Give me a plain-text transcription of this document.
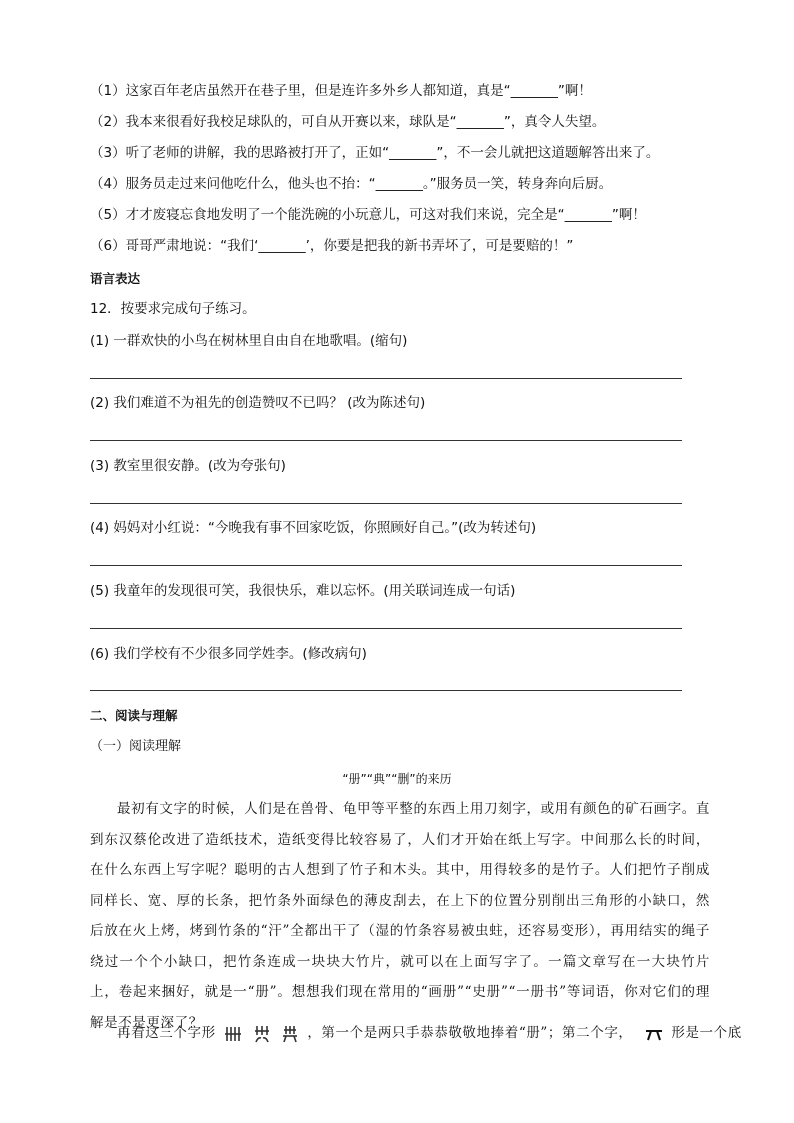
（1）这家百年老店虽然开在巷子里，但是连许多外乡人都知道，真是“_______”啊！
（2）我本来很看好我校足球队的，可自从开赛以来，球队是“_______”，真令人失望。
（3）听了老师的讲解，我的思路被打开了，正如“_______”，不一会儿就把这道题解答出来了。
（4）服务员走过来问他吃什么，他头也不抬：“_______。”服务员一笑，转身奔向后厨。
（5）才才废寝忘食地发明了一个能洗碗的小玩意儿，可这对我们来说，完全是“_______”啊！
（6）哥哥严肃地说：“我们‘_______’，你要是把我的新书弄坏了，可是要赔的！”
语言表达
12．按要求完成句子练习。
(1) 一群欢快的小鸟在树林里自由自在地歌唱。(缩句)
(2) 我们难道不为祖先的创造赞叹不已吗？ (改为陈述句)
(3) 教室里很安静。(改为夸张句)
(4) 妈妈对小红说：“今晚我有事不回家吃饭，你照顾好自己。”(改为转述句)
(5) 我童年的发现很可笑，我很快乐，难以忘怀。(用关联词连成一句话)
(6) 我们学校有不少很多同学姓李。(修改病句)
二、阅读与理解
（一）阅读理解
“册”“典”“删”的来历
最初有文字的时候，人们是在兽骨、龟甲等平整的东西上用刀刻字，或用有颜色的矿石画字。直到东汉蔡伦改进了造纸技术，造纸变得比较容易了，人们才开始在纸上写字。中间那么长的时间，在什么东西上写字呢？聪明的古人想到了竹子和木头。其中，用得较多的是竹子。人们把竹子削成同样长、宽、厚的长条，把竹条外面绿色的薄皮刮去，在上下的位置分别削出三角形的小缺口，然后放在火上烤，烤到竹条的“汗”全都出干了（湿的竹条容易被虫蛀，还容易变形），再用结实的绳子绕过一个个小缺口，把竹条连成一块块大竹片，就可以在上面写字了。一篇文章写在一大块竹片上，卷起来捆好，就是一“册”。想想我们现在常用的“画册”“史册”“一册书”等词语，你对它们的理解是不是更深了？
再看这三个字形	，第一个是两只手恭恭敬敬地捧着“册”；第二个字，	形是一个底
